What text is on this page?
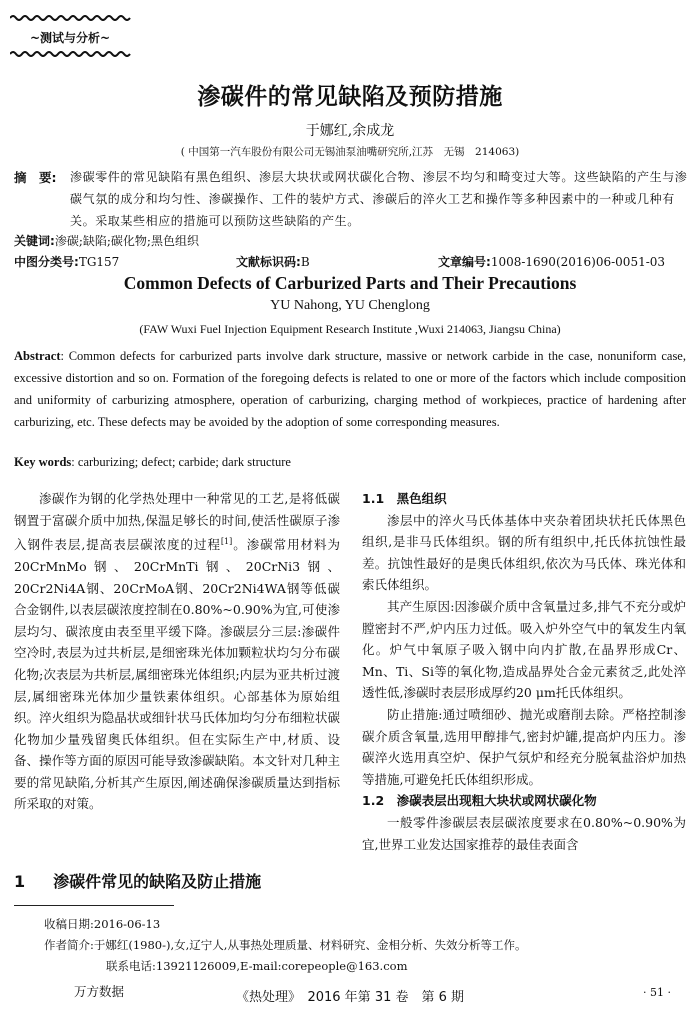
~测试与分析~
渗碳件的常见缺陷及预防措施
于娜红,余成龙
( 中国第一汽车股份有限公司无锡油泵油嘴研究所,江苏　无锡　214063)
摘　要: 渗碳零件的常见缺陷有黑色组织、渗层大块状或网状碳化合物、渗层不均匀和畸变过大等。这些缺陷的产生与渗碳气氛的成分和均匀性、渗碳操作、工件的装炉方式、渗碳后的淬火工艺和操作等多种因素中的一种或几种有关。采取某些相应的措施可以预防这些缺陷的产生。
关键词:渗碳;缺陷;碳化物;黑色组织
中图分类号:TG157	文献标识码:B	文章编号:1008-1690(2016)06-0051-03
Common Defects of Carburized Parts and Their Precautions
YU Nahong, YU Chenglong
(FAW Wuxi Fuel Injection Equipment Research Institute ,Wuxi 214063, Jiangsu China)
Abstract: Common defects for carburized parts involve dark structure, massive or network carbide in the case, nonuniform case, excessive distortion and so on. Formation of the foregoing defects is related to one or more of the factors which include composition and uniformity of carburizing atmosphere, operation of carburizing, charging method of workpieces, practice of hardening after carburizing, etc. These defects may be avoided by the adoption of some corresponding measures.
Key words: carburizing; defect; carbide; dark structure

渗碳作为钢的化学热处理中一种常见的工艺,是将低碳钢置于富碳介质中加热,保温足够长的时间,使活性碳原子渗入钢件表层,提高表层碳浓度的过程[1]。渗碳常用材料为20CrMnMo钢、20CrMnTi钢、20CrNi3钢、20Cr2Ni4A钢、20CrMoA钢、20Cr2Ni4WA钢等低碳合金钢件,以表层碳浓度控制在0.80%~0.90%为宜,可使渗层均匀、碳浓度由表至里平缓下降。渗碳层分三层:渗碳件空冷时,表层为过共析层,是细密珠光体加颗粒状均匀分布碳化物;次表层为共析层,属细密珠光体组织;内层为亚共析过渡层,属细密珠光体加少量铁素体组织。心部基体为原始组织。淬火组织为隐晶状或细针状马氏体加均匀分布细粒状碳化物加少量残留奥氏体组织。但在实际生产中,材质、设备、操作等方面的原因可能导致渗碳缺陷。本文针对几种主要的常见缺陷,分析其产生原因,阐述确保渗碳质量达到指标所采取的对策。

1 渗碳件常见的缺陷及防止措施

1.1　黑色组织

渗层中的淬火马氏体基体中夹杂着团块状托氏体黑色组织,是非马氏体组织。钢的所有组织中,托氏体抗蚀性最差。抗蚀性最好的是奥氏体组织,依次为马氏体、珠光体和索氏体组织。

其产生原因:因渗碳介质中含氧量过多,排气不充分或炉膛密封不严,炉内压力过低。吸入炉外空气中的氧发生内氧化。炉气中氧原子吸入钢中向内扩散,在晶界形成Cr、Mn、Ti、Si等的氧化物,造成晶界处合金元素贫乏,此处淬透性低,渗碳时表层形成厚约20 μm托氏体组织。

防止措施:通过喷细砂、抛光或磨削去除。严格控制渗碳介质含氧量,选用甲醇排气,密封炉罐,提高炉内压力。渗碳淬火选用真空炉、保护气氛炉和经充分脱氧盐浴炉加热等措施,可避免托氏体组织形成。

1.2　渗碳表层出现粗大块状或网状碳化物

一般零件渗碳层表层碳浓度要求在0.80%~0.90%为宜,世界工业发达国家推荐的最佳表面含

收稿日期:2016-06-13
作者简介:于娜红(1980-),女,辽宁人,从事热处理质量、材料研究、金相分析、失效分析等工作。
联系电话:13921126009,E-mail:corepeople@163.com
万方数据	《热处理》　2016 年第 31 卷　第 6 期	· 51 ·
